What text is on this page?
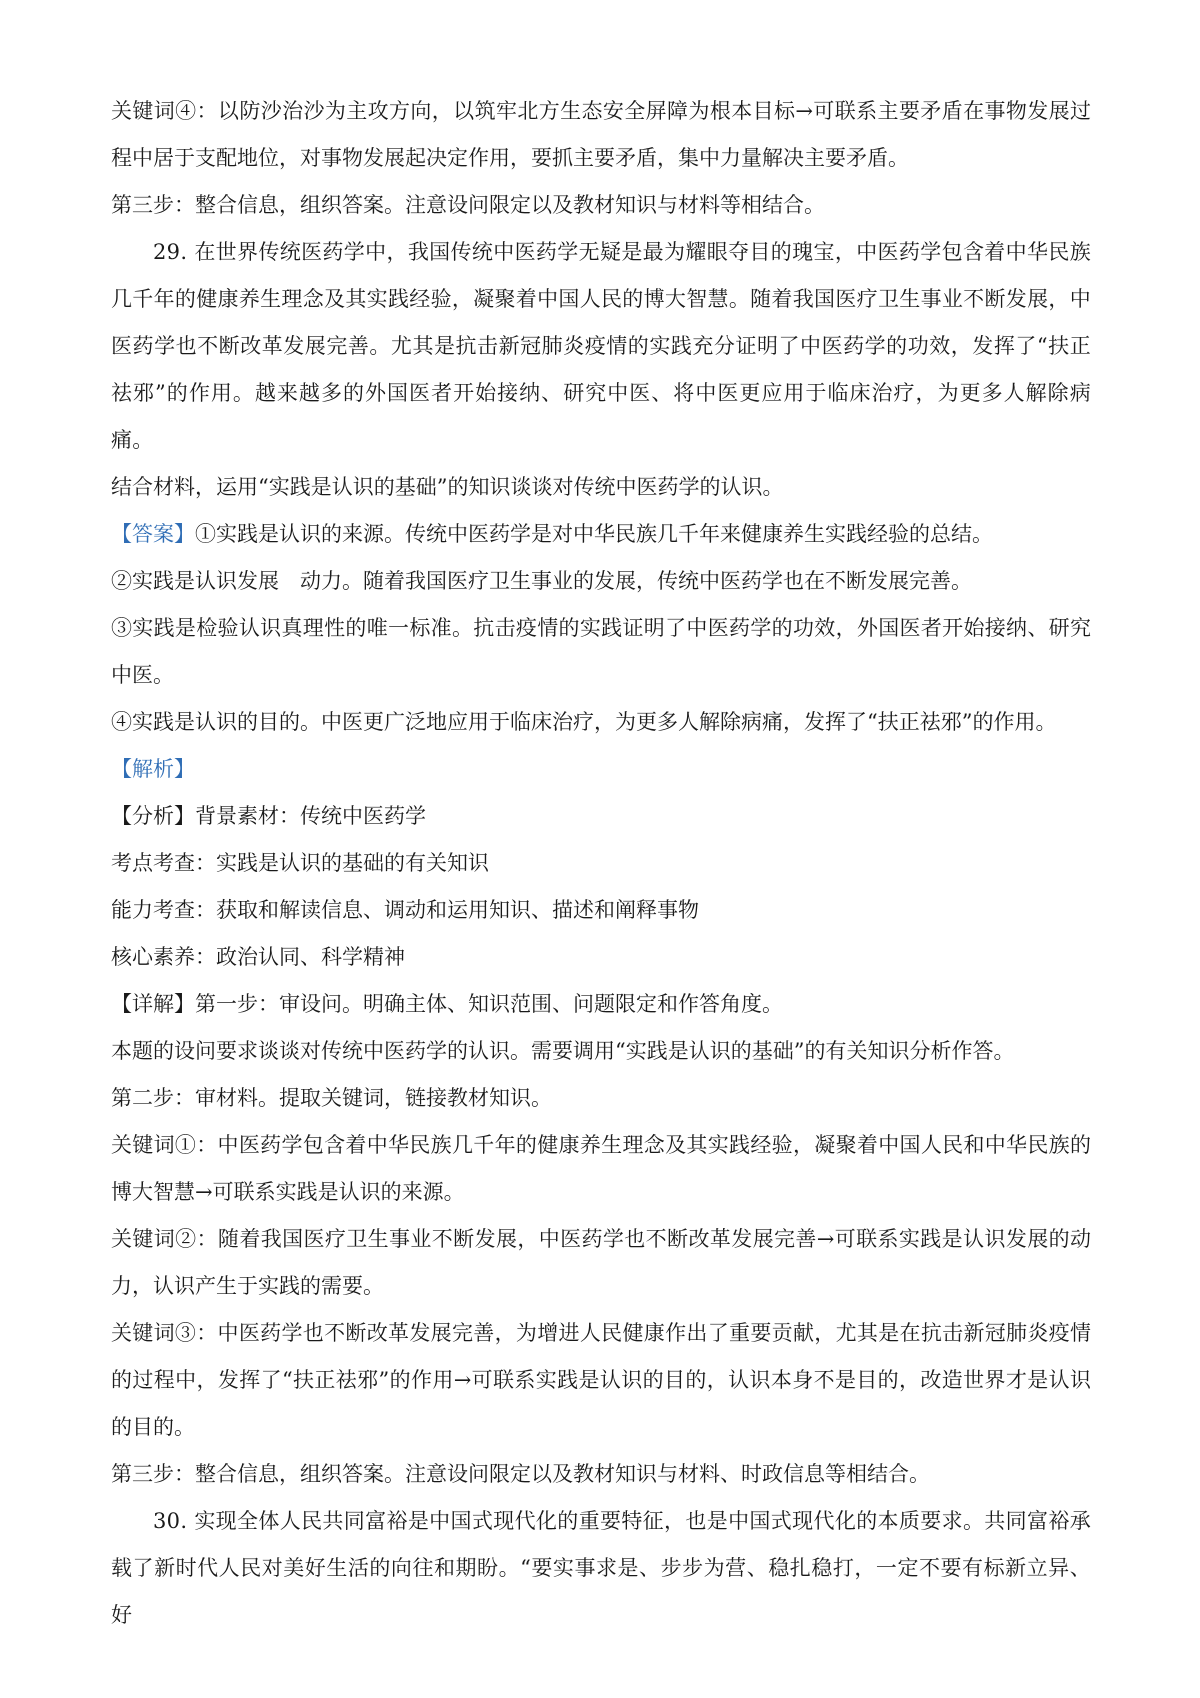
关键词④：以防沙治沙为主攻方向，以筑牢北方生态安全屏障为根本目标→可联系主要矛盾在事物发展过程中居于支配地位，对事物发展起决定作用，要抓主要矛盾，集中力量解决主要矛盾。

第三步：整合信息，组织答案。注意设问限定以及教材知识与材料等相结合。

29. 在世界传统医药学中，我国传统中医药学无疑是最为耀眼夺目的瑰宝，中医药学包含着中华民族几千年的健康养生理念及其实践经验，凝聚着中国人民的博大智慧。随着我国医疗卫生事业不断发展，中医药学也不断改革发展完善。尤其是抗击新冠肺炎疫情的实践充分证明了中医药学的功效，发挥了“扶正祛邪”的作用。越来越多的外国医者开始接纳、研究中医、将中医更应用于临床治疗，为更多人解除病痛。

结合材料，运用“实践是认识的基础”的知识谈谈对传统中医药学的认识。

【答案】①实践是认识的来源。传统中医药学是对中华民族几千年来健康养生实践经验的总结。

②实践是认识发展　动力。随着我国医疗卫生事业的发展，传统中医药学也在不断发展完善。

③实践是检验认识真理性的唯一标准。抗击疫情的实践证明了中医药学的功效，外国医者开始接纳、研究中医。

④实践是认识的目的。中医更广泛地应用于临床治疗，为更多人解除病痛，发挥了“扶正祛邪”的作用。

【解析】

【分析】背景素材：传统中医药学

考点考查：实践是认识的基础的有关知识

能力考查：获取和解读信息、调动和运用知识、描述和阐释事物

核心素养：政治认同、科学精神

【详解】第一步：审设问。明确主体、知识范围、问题限定和作答角度。

本题的设问要求谈谈对传统中医药学的认识。需要调用“实践是认识的基础”的有关知识分析作答。

第二步：审材料。提取关键词，链接教材知识。

关键词①：中医药学包含着中华民族几千年的健康养生理念及其实践经验，凝聚着中国人民和中华民族的博大智慧→可联系实践是认识的来源。

关键词②：随着我国医疗卫生事业不断发展，中医药学也不断改革发展完善→可联系实践是认识发展的动力，认识产生于实践的需要。

关键词③：中医药学也不断改革发展完善，为增进人民健康作出了重要贡献，尤其是在抗击新冠肺炎疫情的过程中，发挥了“扶正祛邪”的作用→可联系实践是认识的目的，认识本身不是目的，改造世界才是认识的目的。

第三步：整合信息，组织答案。注意设问限定以及教材知识与材料、时政信息等相结合。

30. 实现全体人民共同富裕是中国式现代化的重要特征，也是中国式现代化的本质要求。共同富裕承载了新时代人民对美好生活的向往和期盼。“要实事求是、步步为营、稳扎稳打，一定不要有标新立异、好
